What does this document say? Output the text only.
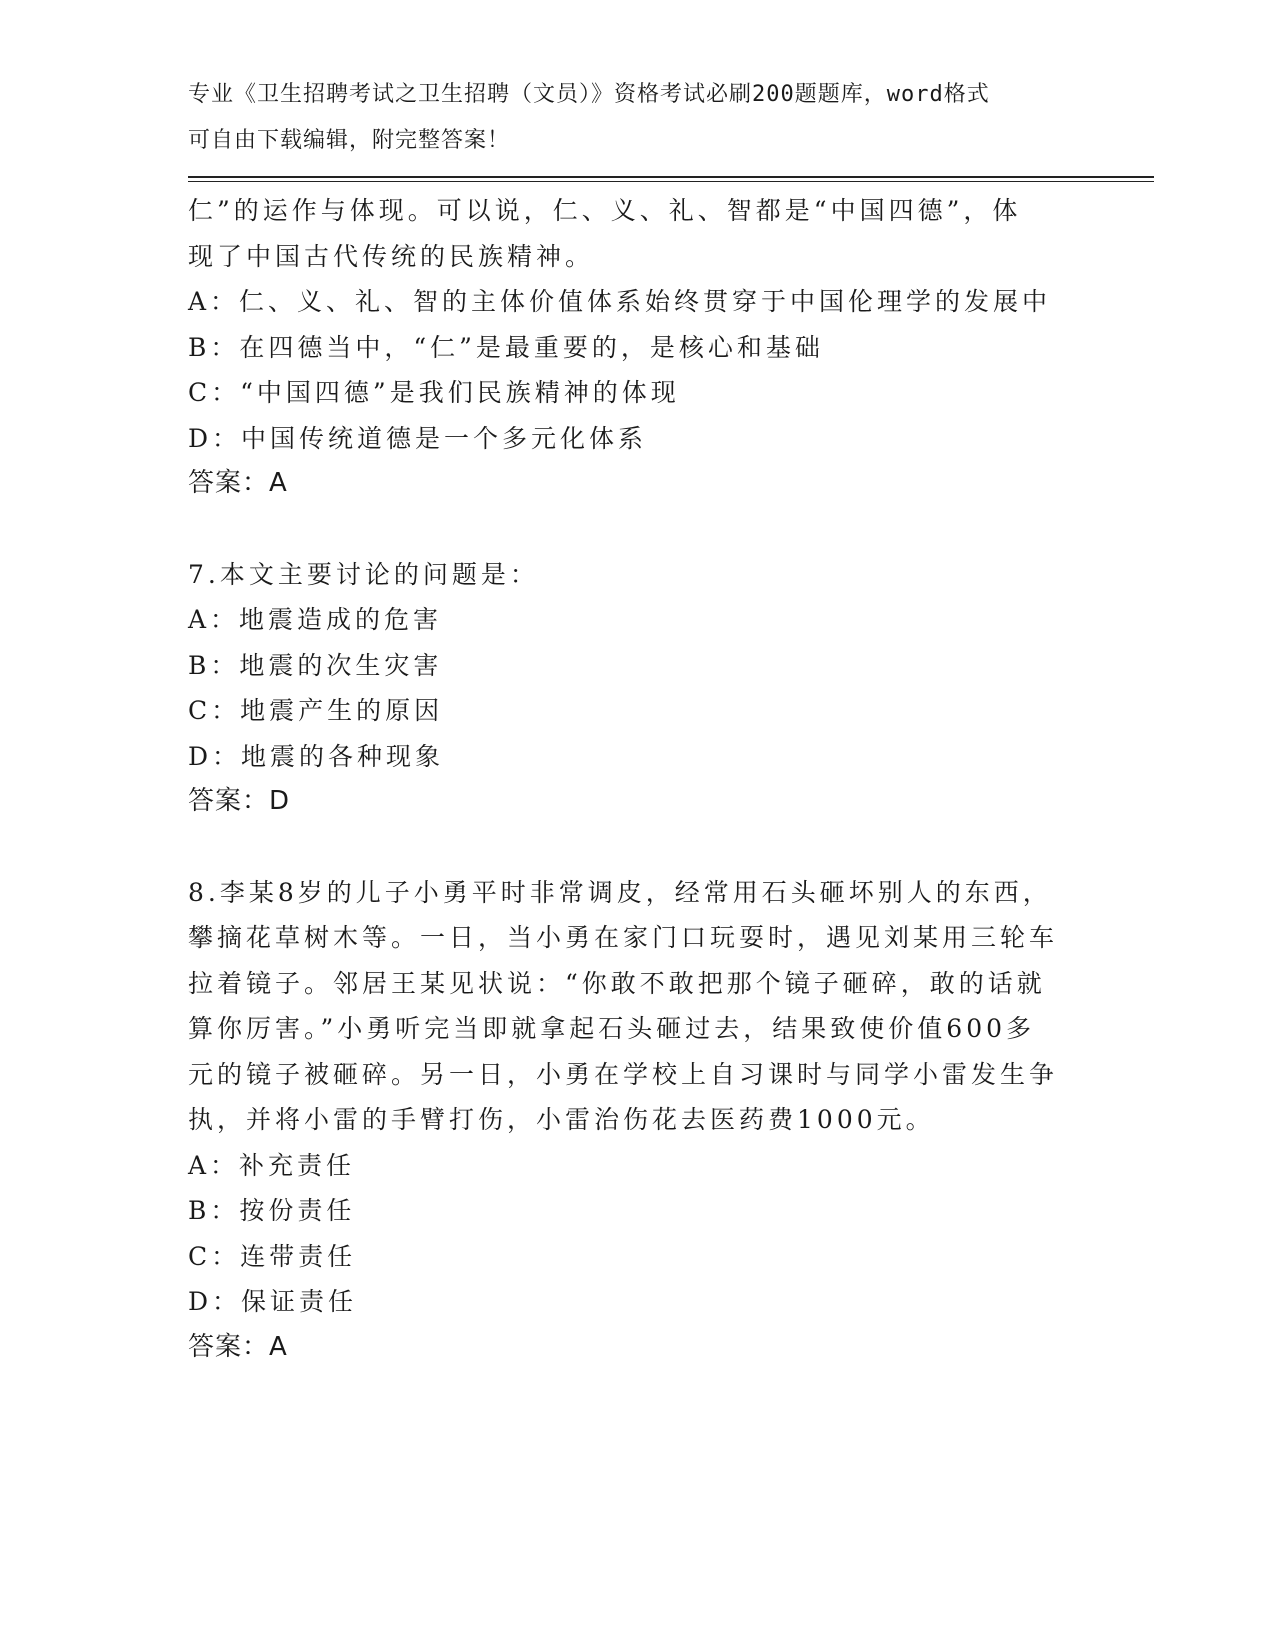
专业《卫生招聘考试之卫生招聘（文员）》资格考试必刷200题题库，word格式
可自由下载编辑，附完整答案！
仁”的运作与体现。可以说，仁、义、礼、智都是“中国四德”，体
现了中国古代传统的民族精神。
A：仁、义、礼、智的主体价值体系始终贯穿于中国伦理学的发展中
B：在四德当中，“仁”是最重要的，是核心和基础
C：“中国四德”是我们民族精神的体现
D：中国传统道德是一个多元化体系
答案：A
7.本文主要讨论的问题是：
A：地震造成的危害
B：地震的次生灾害
C：地震产生的原因
D：地震的各种现象
答案：D
8.李某8岁的儿子小勇平时非常调皮，经常用石头砸坏别人的东西，
攀摘花草树木等。一日，当小勇在家门口玩耍时，遇见刘某用三轮车
拉着镜子。邻居王某见状说：“你敢不敢把那个镜子砸碎，敢的话就
算你厉害。”小勇听完当即就拿起石头砸过去，结果致使价值600多
元的镜子被砸碎。另一日，小勇在学校上自习课时与同学小雷发生争
执，并将小雷的手臂打伤，小雷治伤花去医药费1000元。
A：补充责任
B：按份责任
C：连带责任
D：保证责任
答案：A
